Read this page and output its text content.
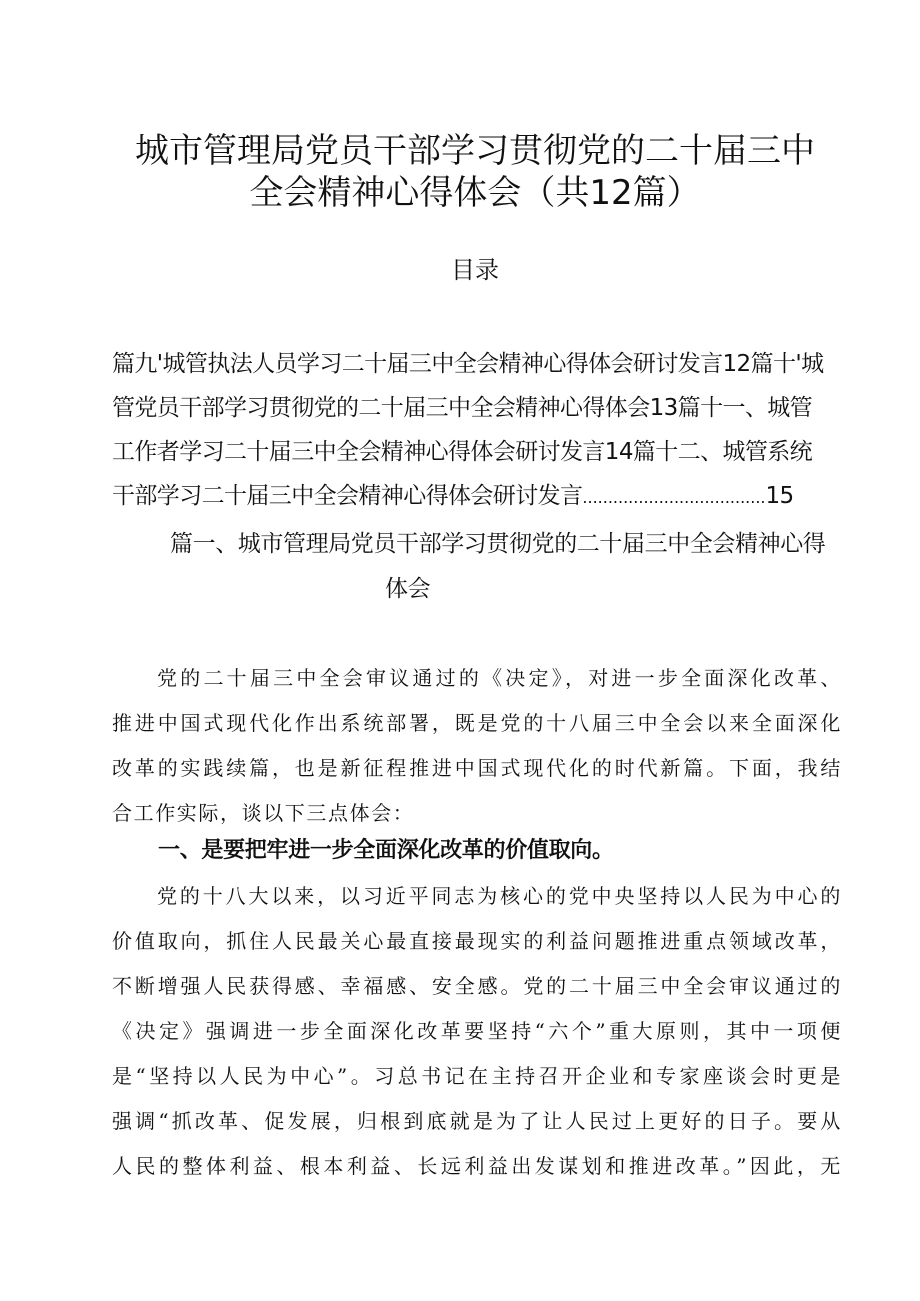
城市管理局党员干部学习贯彻党的二十届三中
全会精神心得体会（共12篇）
目录
篇九'城管执法人员学习二十届三中全会精神心得体会研讨发言12篇十'城
管党员干部学习贯彻党的二十届三中全会精神心得体会13篇十一、城管
工作者学习二十届三中全会精神心得体会研讨发言14篇十二、城管系统
干部学习二十届三中全会精神心得体会研讨发言....................................15
篇一、城市管理局党员干部学习贯彻党的二十届三中全会精神心得
体会
党的二十届三中全会审议通过的《决定》，对进一步全面深化改革、
推进中国式现代化作出系统部署，既是党的十八届三中全会以来全面深化
改革的实践续篇，也是新征程推进中国式现代化的时代新篇。下面，我结
合工作实际，谈以下三点体会：
一、是要把牢进一步全面深化改革的价值取向。
党的十八大以来，以习近平同志为核心的党中央坚持以人民为中心的
价值取向，抓住人民最关心最直接最现实的利益问题推进重点领域改革，
不断增强人民获得感、幸福感、安全感。党的二十届三中全会审议通过的
《决定》强调进一步全面深化改革要坚持“六个”重大原则，其中一项便
是“坚持以人民为中心”。习总书记在主持召开企业和专家座谈会时更是
强调“抓改革、促发展，归根到底就是为了让人民过上更好的日子。要从
人民的整体利益、根本利益、长远利益出发谋划和推进改革。”因此，无
